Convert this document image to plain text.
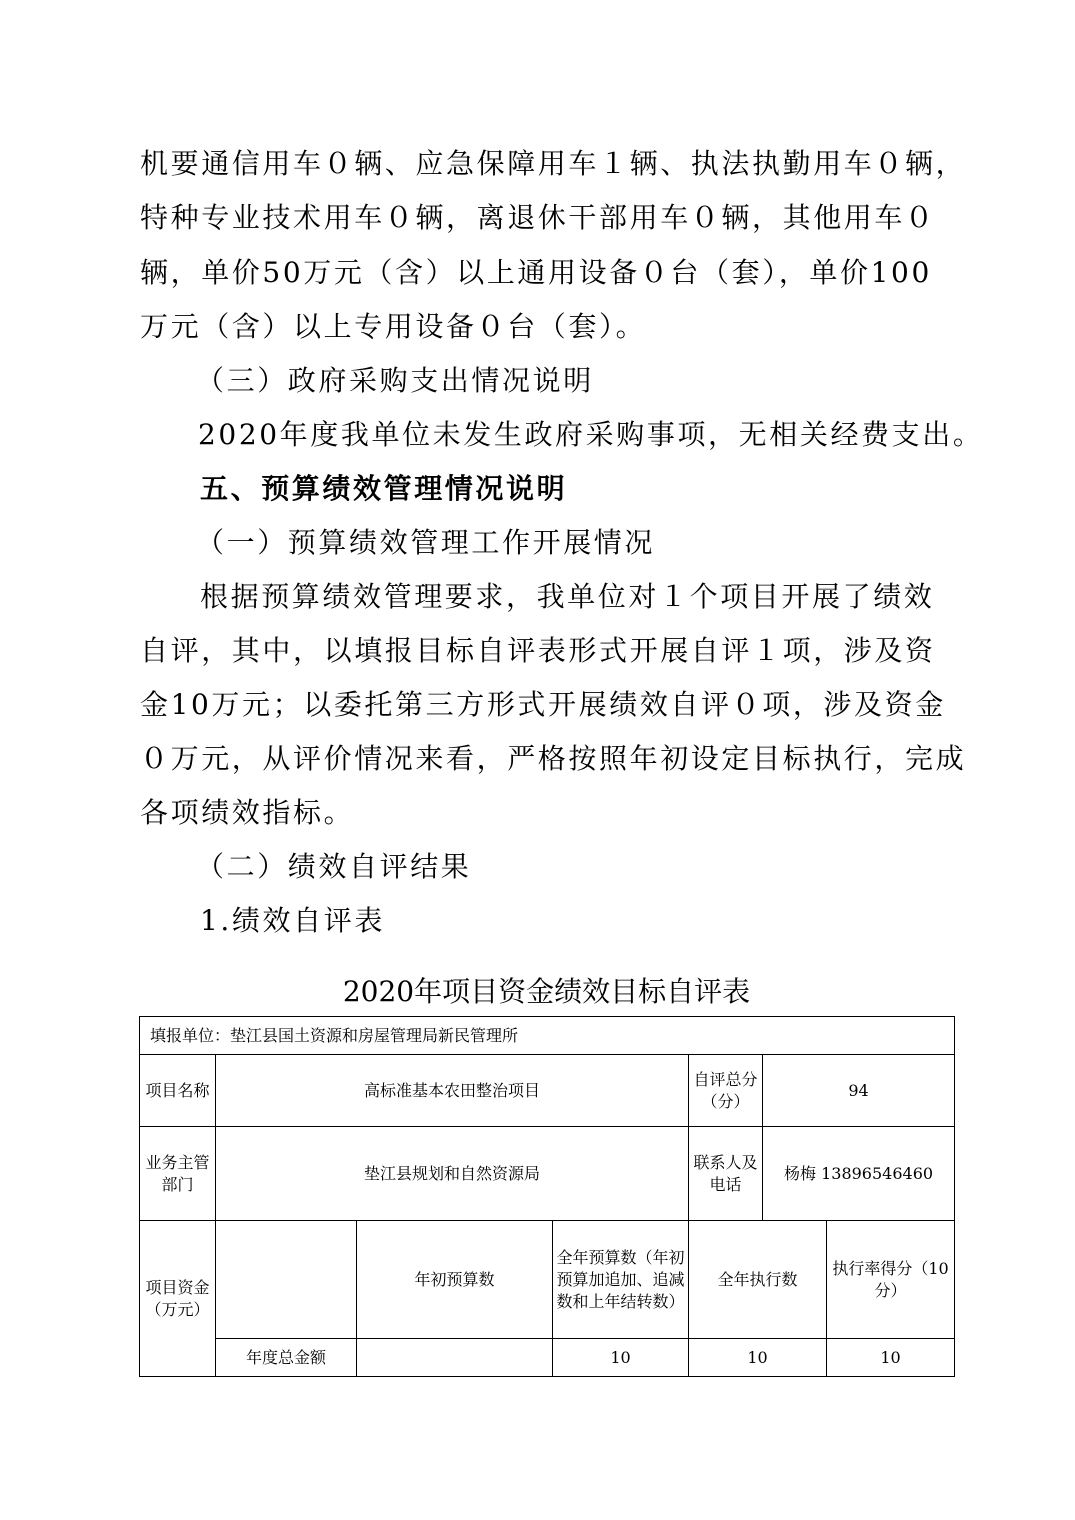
机要通信用车０辆、应急保障用车１辆、执法执勤用车０辆，
特种专业技术用车０辆，离退休干部用车０辆，其他用车０
辆，单价50万元（含）以上通用设备０台（套），单价100
万元（含）以上专用设备０台（套）。
（三）政府采购支出情况说明
2020年度我单位未发生政府采购事项，无相关经费支出。
五、预算绩效管理情况说明
（一）预算绩效管理工作开展情况
根据预算绩效管理要求，我单位对１个项目开展了绩效
自评，其中，以填报目标自评表形式开展自评１项，涉及资
金10万元；以委托第三方形式开展绩效自评０项，涉及资金
０万元，从评价情况来看，严格按照年初设定目标执行，完成
各项绩效指标。
（二）绩效自评结果
1.绩效自评表
2020年项目资金绩效目标自评表
填报单位：垫江县国土资源和房屋管理局新民管理所						
项目名称	高标准基本农田整治项目			自评总分（分）	94	
业务主管部门	垫江县规划和自然资源局			联系人及电话	杨梅 13896546460	
项目资金（万元）		年初预算数	全年预算数（年初预算加追加、追减数和上年结转数）	全年执行数		执行率得分（10分）
	年度总金额		10	10		10
